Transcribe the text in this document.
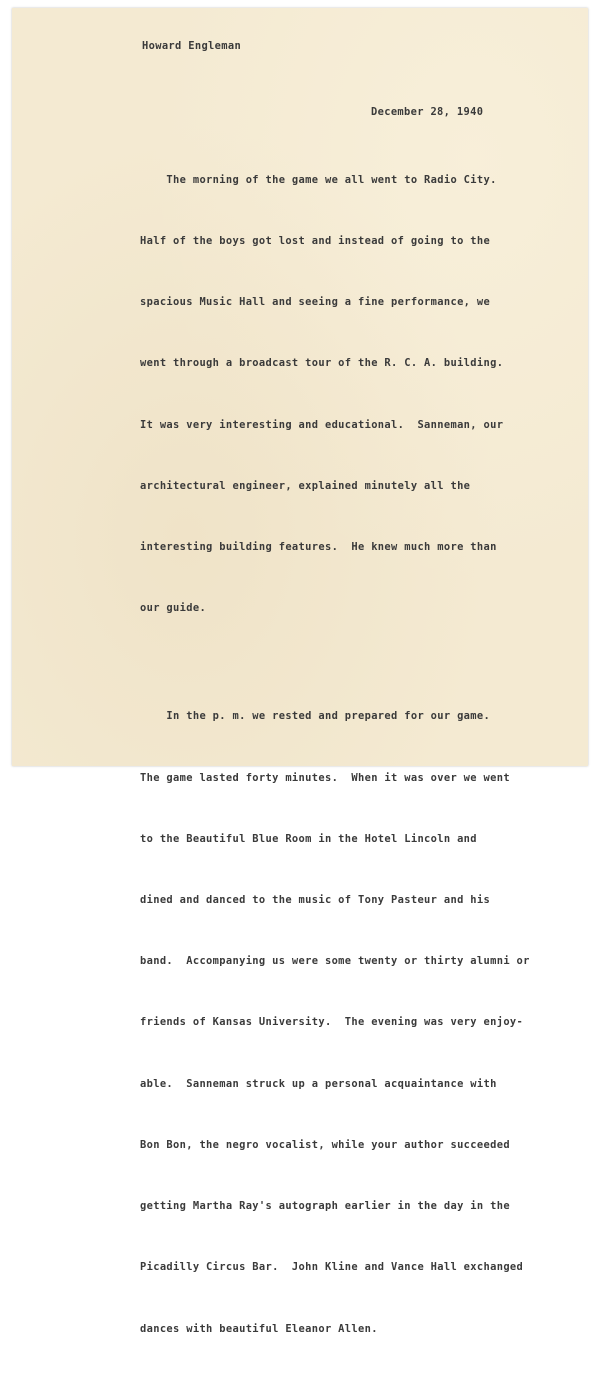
Howard Engleman

December 28, 1940

The morning of the game we all went to Radio City.

Half of the boys got lost and instead of going to the

spacious Music Hall and seeing a fine performance, we

went through a broadcast tour of the R. C. A. building.

It was very interesting and educational.  Sanneman, our

architectural engineer, explained minutely all the

interesting building features.  He knew much more than

our guide.

In the p. m. we rested and prepared for our game.

The game lasted forty minutes.  When it was over we went

to the Beautiful Blue Room in the Hotel Lincoln and

dined and danced to the music of Tony Pasteur and his

band.  Accompanying us were some twenty or thirty alumni or

friends of Kansas University.  The evening was very enjoy-

able.  Sanneman struck up a personal acquaintance with

Bon Bon, the negro vocalist, while your author succeeded

getting Martha Ray's autograph earlier in the day in the

Picadilly Circus Bar.  John Kline and Vance Hall exchanged

dances with beautiful Eleanor Allen.
